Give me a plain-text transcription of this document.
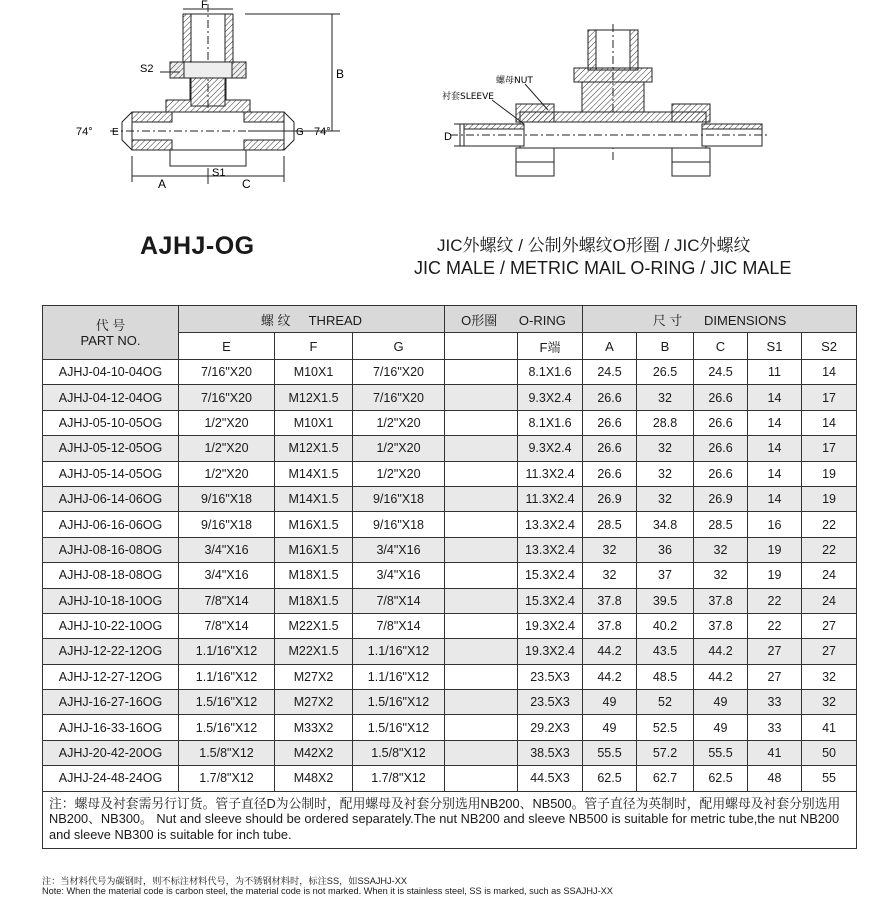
F
B
S2
E	G
74°	74°
A
S1
C
螺母NUT
衬套SLEEVE
D
AJHJ-OG	JIC外螺纹 / 公制外螺纹O形圈 / JIC外螺纹
JIC MALE / METRIC MAIL O-RING / JIC MALE
代 号
PART NO.	螺 纹 THREAD			O形圈 O-RING		尺 寸 DIMENSIONS				
	E	F	G		F端	A	B	C	S1	S2
AJHJ-04-10-04OG	7/16"X20	M10X1	7/16"X20		8.1X1.6	24.5	26.5	24.5	11	14
AJHJ-04-12-04OG	7/16"X20	M12X1.5	7/16"X20		9.3X2.4	26.6	32	26.6	14	17
AJHJ-05-10-05OG	1/2"X20	M10X1	1/2"X20		8.1X1.6	26.6	28.8	26.6	14	14
AJHJ-05-12-05OG	1/2"X20	M12X1.5	1/2"X20		9.3X2.4	26.6	32	26.6	14	17
AJHJ-05-14-05OG	1/2"X20	M14X1.5	1/2"X20		11.3X2.4	26.6	32	26.6	14	19
AJHJ-06-14-06OG	9/16"X18	M14X1.5	9/16"X18		11.3X2.4	26.9	32	26.9	14	19
AJHJ-06-16-06OG	9/16"X18	M16X1.5	9/16"X18		13.3X2.4	28.5	34.8	28.5	16	22
AJHJ-08-16-08OG	3/4"X16	M16X1.5	3/4"X16		13.3X2.4	32	36	32	19	22
AJHJ-08-18-08OG	3/4"X16	M18X1.5	3/4"X16		15.3X2.4	32	37	32	19	24
AJHJ-10-18-10OG	7/8"X14	M18X1.5	7/8"X14		15.3X2.4	37.8	39.5	37.8	22	24
AJHJ-10-22-10OG	7/8"X14	M22X1.5	7/8"X14		19.3X2.4	37.8	40.2	37.8	22	27
AJHJ-12-22-12OG	1.1/16"X12	M22X1.5	1.1/16"X12		19.3X2.4	44.2	43.5	44.2	27	27
AJHJ-12-27-12OG	1.1/16"X12	M27X2	1.1/16"X12		23.5X3	44.2	48.5	44.2	27	32
AJHJ-16-27-16OG	1.5/16"X12	M27X2	1.5/16"X12		23.5X3	49	52	49	33	32
AJHJ-16-33-16OG	1.5/16"X12	M33X2	1.5/16"X12		29.2X3	49	52.5	49	33	41
AJHJ-20-42-20OG	1.5/8"X12	M42X2	1.5/8"X12		38.5X3	55.5	57.2	55.5	41	50
AJHJ-24-48-24OG	1.7/8"X12	M48X2	1.7/8"X12		44.5X3	62.5	62.7	62.5	48	55
注：螺母及衬套需另行订货。管子直径D为公制时，配用螺母及衬套分别选用NB200、NB500。管子直径为英制时，配用螺母及衬套分别选用NB200、NB300。 Nut and sleeve should be ordered separately.The nut NB200 and sleeve NB500 is suitable for metric tube,the nut NB200 and sleeve NB300 is suitable for inch tube.										
注：当材料代号为碳钢时，则不标注材料代号，为不锈钢材料时，标注SS，如SSAJHJ-XX
Note: When the material code is carbon steel, the material code is not marked. When it is stainless steel, SS is marked, such as SSAJHJ-XX
